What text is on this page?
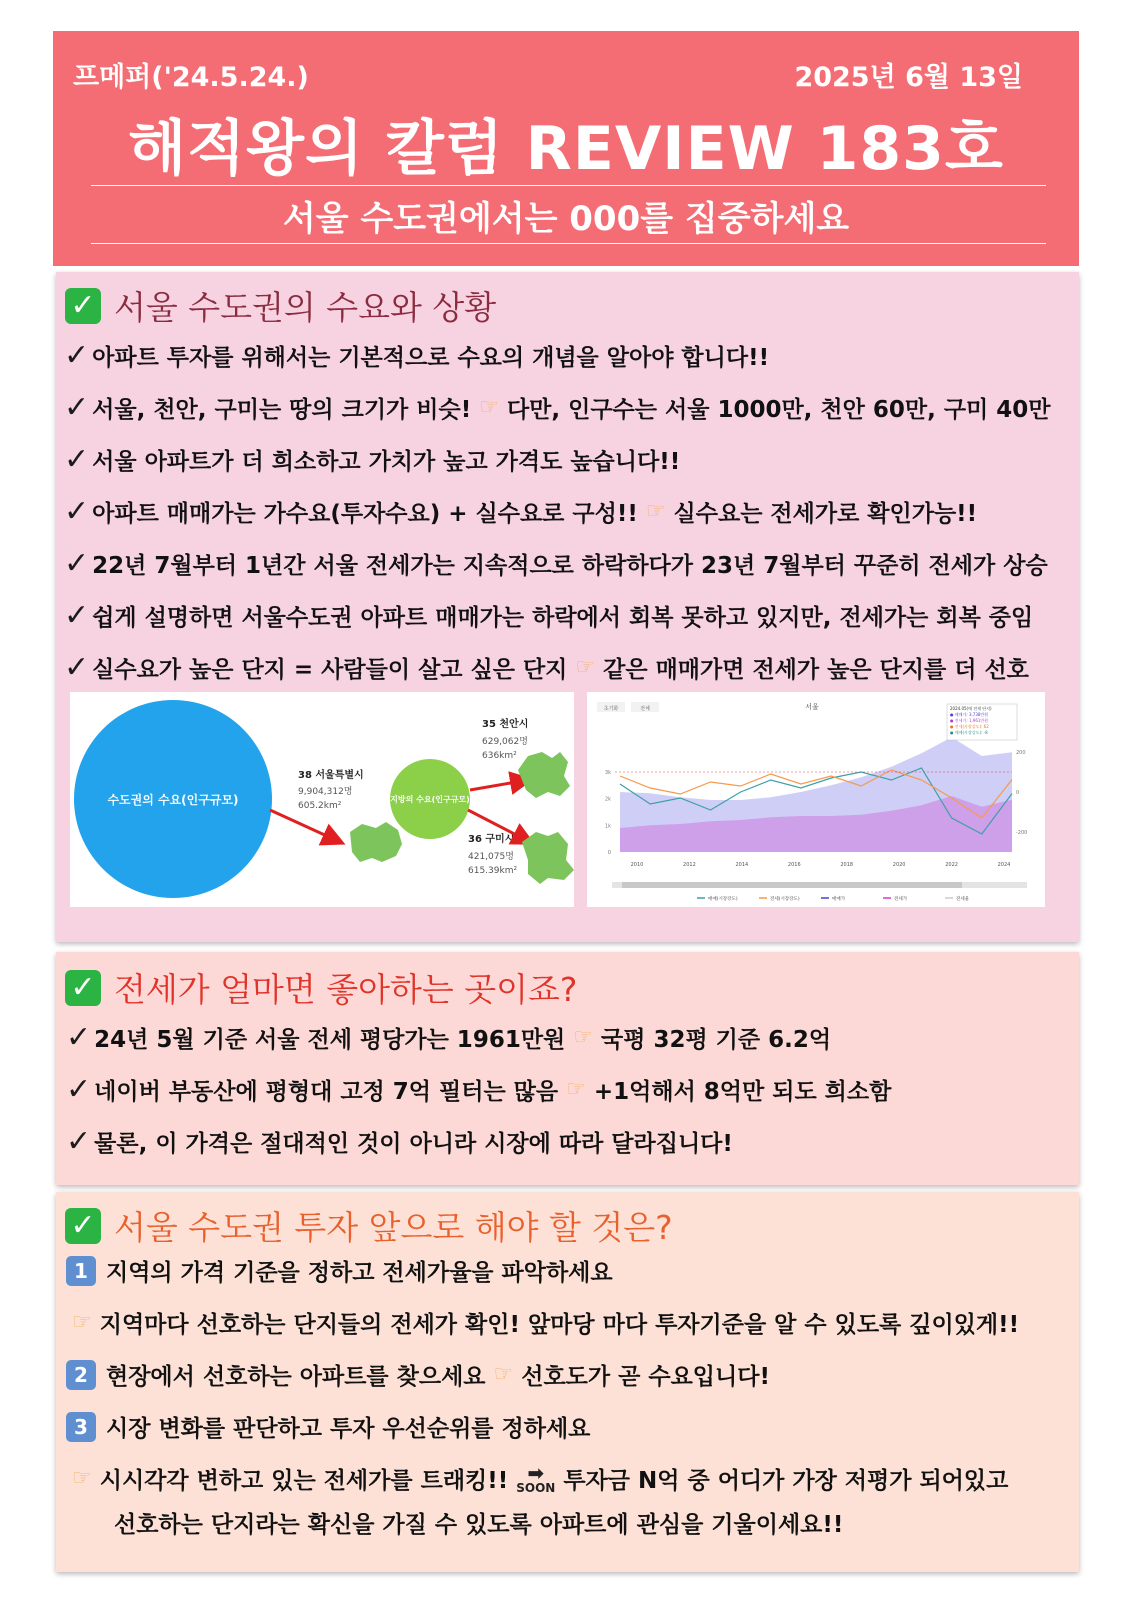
프메퍼('24.5.24.)	2025년 6월 13일
해적왕의 칼럼 REVIEW 183호
서울 수도권에서는 000를 집중하세요
✓ 서울 수도권의 수요와 상황
✓ 아파트 투자를 위해서는 기본적으로 수요의 개념을 알아야 합니다!!
✓ 서울, 천안, 구미는 땅의 크기가 비슷! ☞ 다만, 인구수는 서울 1000만, 천안 60만, 구미 40만
✓ 서울 아파트가 더 희소하고 가치가 높고 가격도 높습니다!!
✓ 아파트 매매가는 가수요(투자수요) + 실수요로 구성!! ☞ 실수요는 전세가로 확인가능!!
✓ 22년 7월부터 1년간 서울 전세가는 지속적으로 하락하다가 23년 7월부터 꾸준히 전세가 상승
✓ 쉽게 설명하면 서울수도권 아파트 매매가는 하락에서 회복 못하고 있지만, 전세가는 회복 중임
✓ 실수요가 높은 단지 = 사람들이 살고 싶은 단지 ☞ 같은 매매가면 전세가 높은 단지를 더 선호
수도권의 수요(인구규모)	지방의 수요(인구규모)
38 서울특별시
9,904,312명
605.2km²
35 천안시
629,062명
636km²
36 구미시
421,075명
615.39km²
초기화	전체	서울
3k
2k
1k
0
200
0
-200
2010	2012	2014	2016	2018	2020	2022	2024
2024.05(매 전세 단지)
● 매매가: 3,738만원
● 전세가: 1,961만원
● 전세(사장강도): 62
● 매매(사장강도): -8
매매(시장강도)	전세(시장강도)	매매가	전세가	전세율
✓ 전세가 얼마면 좋아하는 곳이죠?
✓ 24년 5월 기준 서울 전세 평당가는 1961만원 ☞ 국평 32평 기준 6.2억
✓ 네이버 부동산에 평형대 고정 7억 필터는 많음 ☞ +1억해서 8억만 되도 희소함
✓ 물론, 이 가격은 절대적인 것이 아니라 시장에 따라 달라집니다!
✓ 서울 수도권 투자 앞으로 해야 할 것은?
1 지역의 가격 기준을 정하고 전세가율을 파악하세요
☞ 지역마다 선호하는 단지들의 전세가 확인! 앞마당 마다 투자기준을 알 수 있도록 깊이있게!!
2 현장에서 선호하는 아파트를 찾으세요 ☞ 선호도가 곧 수요입니다!
3 시장 변화를 판단하고 투자 우선순위를 정하세요
☞ 시시각각 변하고 있는 전세가를 트래킹!! ➡
SOON 투자금 N억 중 어디가 가장 저평가 되어있고
선호하는 단지라는 확신을 가질 수 있도록 아파트에 관심을 기울이세요!!
